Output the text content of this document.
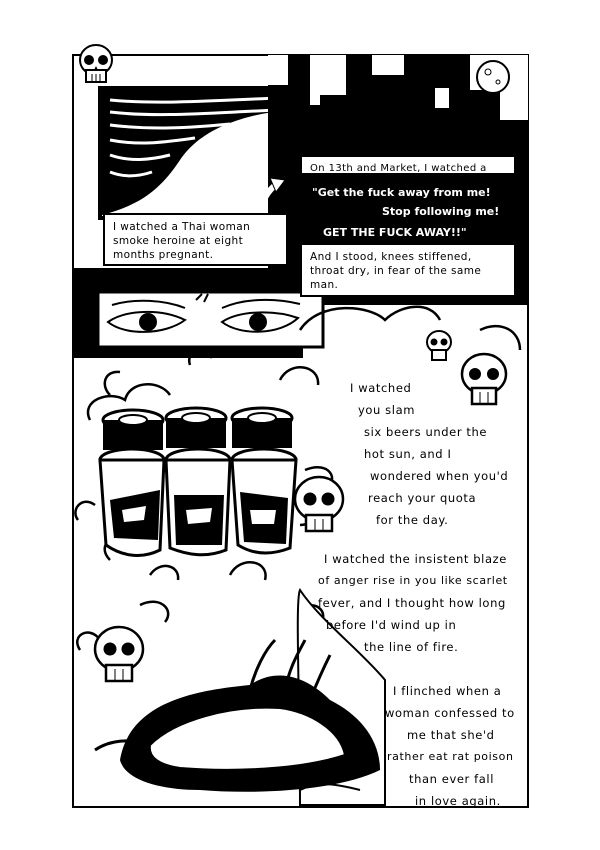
I watched a Thai woman smoke heroine at eight months pregnant.
On 13th and Market, I watched a woman scream.
And I stood, knees stiffened, throat dry, in fear of the same man.
"Get the fuck away from me!
Stop following me!
GET THE FUCK AWAY!!"
I watched
you slam
six beers under the
hot sun, and I
wondered when you'd
reach your quota
for the day.
I watched the insistent blaze
of anger rise in you like scarlet
fever, and I thought how long
before I'd wind up in
the line of fire.
I flinched when a
woman confessed to
me that she'd
rather eat rat poison
than ever fall
in love again.
